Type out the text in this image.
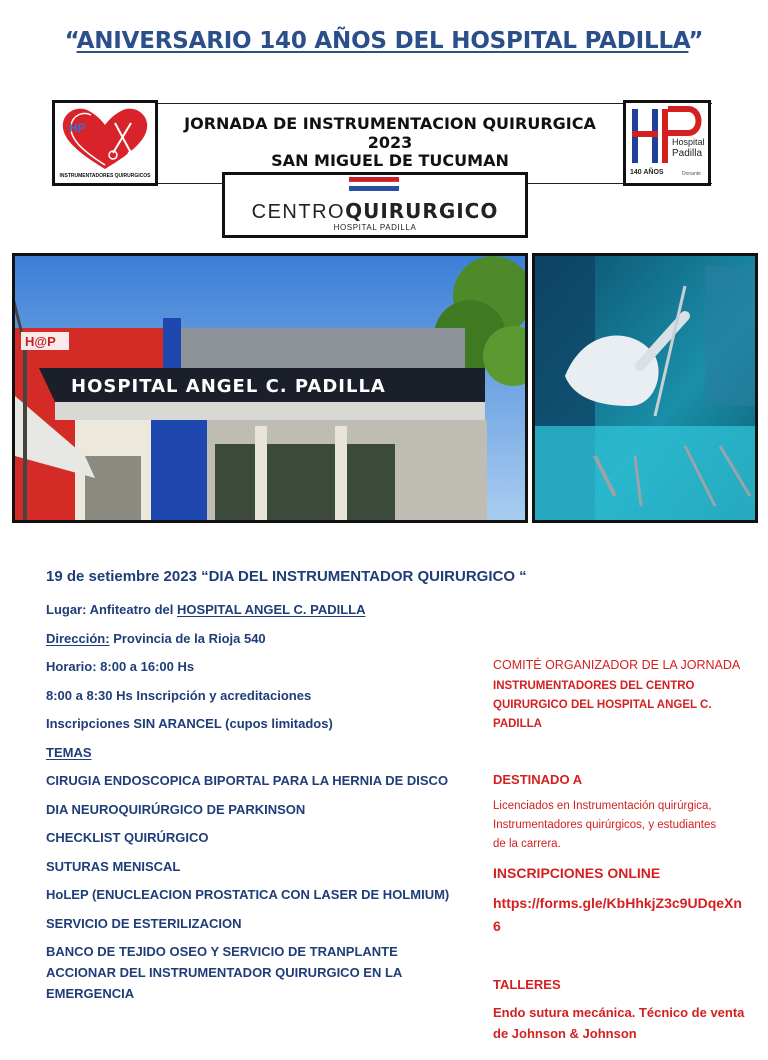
“ANIVERSARIO 140 AÑOS DEL HOSPITAL PADILLA”
HP
INSTRUMENTADORES QUIRURGICOS
JORNADA DE INSTRUMENTACION QUIRURGICA 2023
SAN MIGUEL DE TUCUMAN
Hospital
Padilla
140 AÑOS	Donante
CENTROQUIRURGICO
HOSPITAL PADILLA
H@P
HOSPITAL ANGEL C. PADILLA
19 de setiembre 2023 “DIA DEL INSTRUMENTADOR QUIRURGICO “
Lugar: Anfiteatro del HOSPITAL ANGEL C. PADILLA
Dirección: Provincia de la Rioja 540
Horario: 8:00 a 16:00 Hs
8:00 a 8:30 Hs Inscripción y acreditaciones
Inscripciones SIN ARANCEL (cupos limitados)
TEMAS
CIRUGIA ENDOSCOPICA BIPORTAL PARA LA HERNIA DE DISCO
DIA NEUROQUIRÚRGICO DE PARKINSON
CHECKLIST QUIRÚRGICO
SUTURAS MENISCAL
HoLEP (ENUCLEACION PROSTATICA CON LASER DE HOLMIUM)
SERVICIO DE ESTERILIZACION
BANCO DE TEJIDO OSEO Y SERVICIO DE TRANPLANTE
ACCIONAR DEL INSTRUMENTADOR QUIRURGICO EN LA
EMERGENCIA
COMITÉ ORGANIZADOR DE LA JORNADA
INSTRUMENTADORES DEL CENTRO
QUIRURGICO DEL HOSPITAL ANGEL C.
PADILLA
DESTINADO A
Licenciados en Instrumentación quirúrgica,
Instrumentadores quirúrgicos, y estudiantes
de la carrera.
INSCRIPCIONES ONLINE
https://forms.gle/KbHhkjZ3c9UDqeXn
6
TALLERES
Endo sutura mecánica. Técnico de venta
de Johnson & Johnson
